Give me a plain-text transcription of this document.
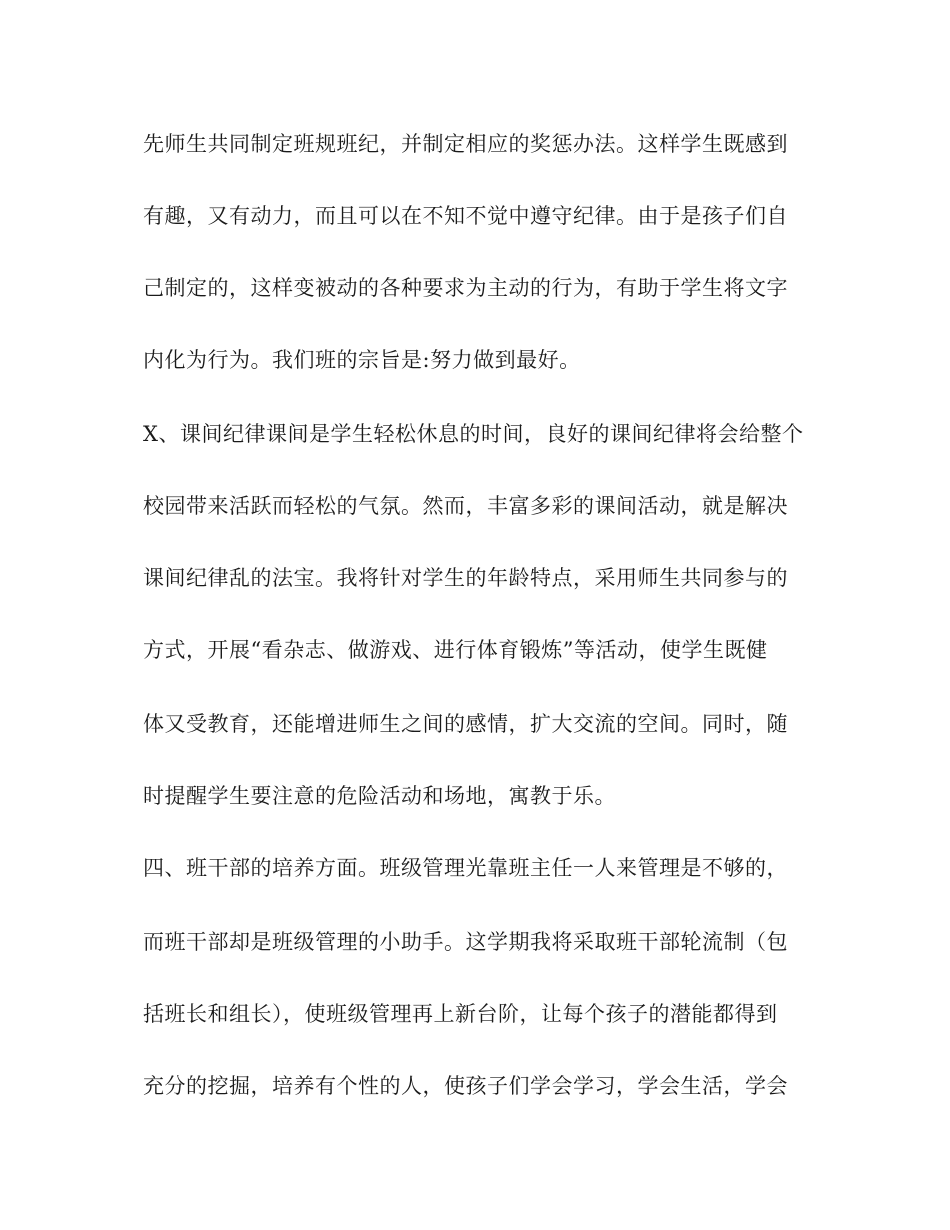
先师生共同制定班规班纪，并制定相应的奖惩办法。这样学生既感到
有趣，又有动力，而且可以在不知不觉中遵守纪律。由于是孩子们自
己制定的，这样变被动的各种要求为主动的行为，有助于学生将文字
内化为行为。我们班的宗旨是:努力做到最好。
X、课间纪律课间是学生轻松休息的时间，良好的课间纪律将会给整个
校园带来活跃而轻松的气氛。然而，丰富多彩的课间活动，就是解决
课间纪律乱的法宝。我将针对学生的年龄特点，采用师生共同参与的
方式，开展“看杂志、做游戏、进行体育锻炼”等活动，使学生既健
体又受教育，还能增进师生之间的感情，扩大交流的空间。同时，随
时提醒学生要注意的危险活动和场地，寓教于乐。
四、班干部的培养方面。班级管理光靠班主任一人来管理是不够的，
而班干部却是班级管理的小助手。这学期我将采取班干部轮流制（包
括班长和组长），使班级管理再上新台阶，让每个孩子的潜能都得到
充分的挖掘，培养有个性的人，使孩子们学会学习，学会生活，学会
